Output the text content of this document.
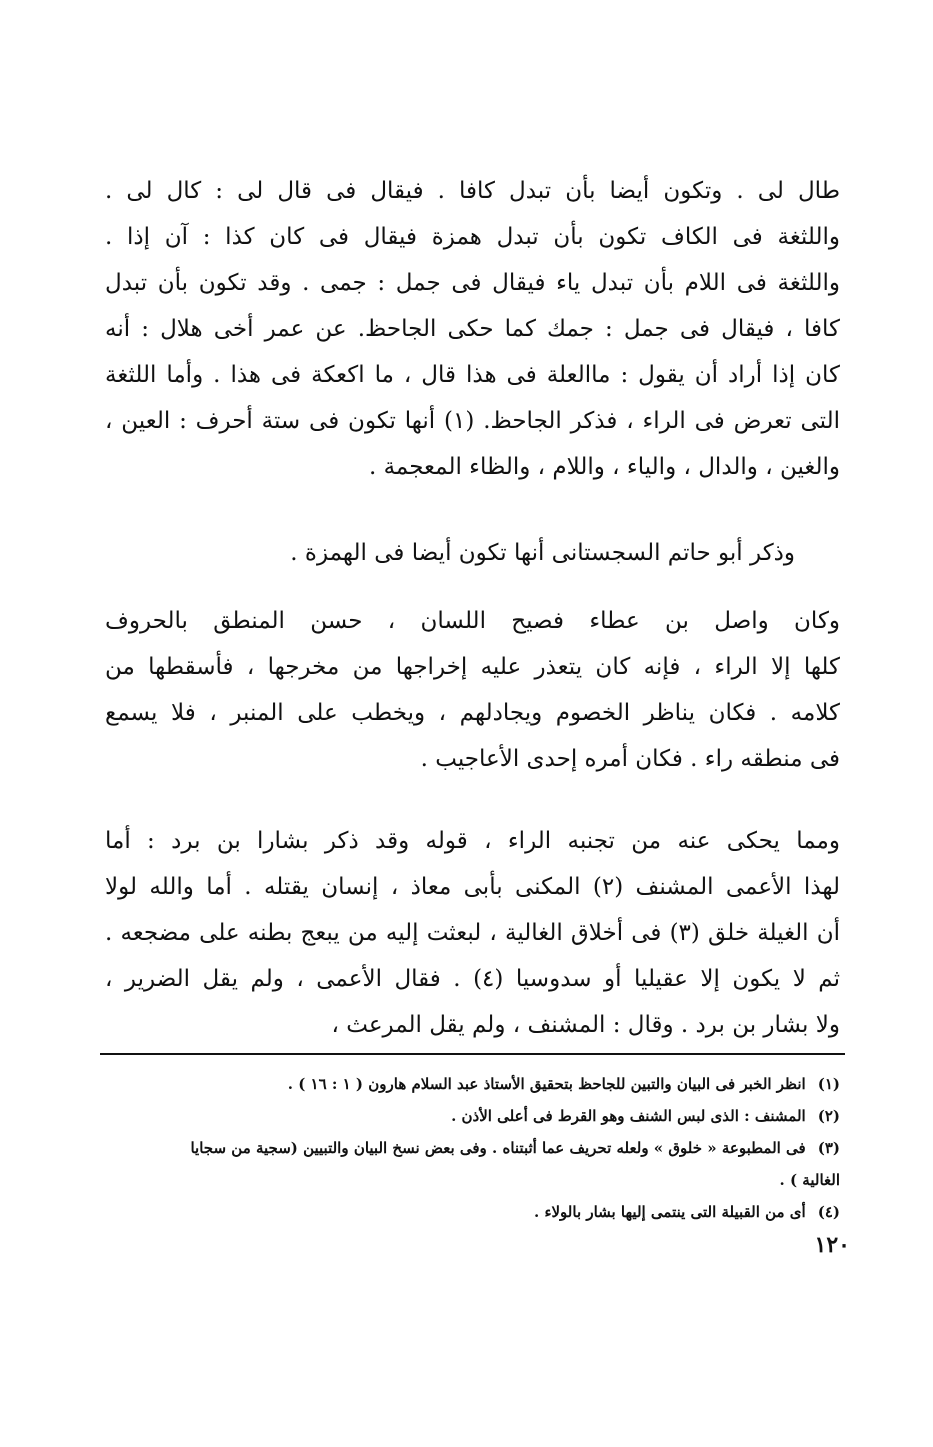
طال لى . وتكون أيضا بأن تبدل كافا . فيقال فى قال لى : كال لى .
واللثغة فى الكاف تكون بأن تبدل همزة فيقال فى كان كذا : آن إذا .
واللثغة فى اللام بأن تبدل ياء فيقال فى جمل : جمى . وقد تكون بأن تبدل
كافا ، فيقال فى جمل : جمك كما حكى الجاحظ. عن عمر أخى هلال : أنه
كان إذا أراد أن يقول : ماالعلة فى هذا قال ، ما اكعكة فى هذا . وأما اللثغة
التى تعرض فى الراء ، فذكر الجاحظ. (١) أنها تكون فى ستة أحرف : العين ،
والغين ، والدال ، والياء ، واللام ، والظاء المعجمة .
وذكر أبو حاتم السجستانى أنها تكون أيضا فى الهمزة .
وكان واصل بن عطاء فصيح اللسان ، حسن المنطق بالحروف
كلها إلا الراء ، فإنه كان يتعذر عليه إخراجها من مخرجها ، فأسقطها من
كلامه . فكان يناظر الخصوم ويجادلهم ، ويخطب على المنبر ، فلا يسمع
فى منطقه راء . فكان أمره إحدى الأعاجيب .
ومما يحكى عنه من تجنبه الراء ، قوله وقد ذكر بشارا بن برد : أما
لهذا الأعمى المشنف (٢) المكنى بأبى معاذ ، إنسان يقتله . أما والله لولا
أن الغيلة خلق (٣) فى أخلاق الغالية ، لبعثت إليه من يبعج بطنه على مضجعه .
ثم لا يكون إلا عقيليا أو سدوسيا (٤) . فقال الأعمى ، ولم يقل الضرير ،
ولا بشار بن برد . وقال : المشنف ، ولم يقل المرعث ،
(١)انظر الخبر فى البيان والتبين للجاحظ بتحقيق الأستاذ عبد السلام هارون ( ١ : ١٦ ) .
(٢)المشنف : الذى لبس الشنف وهو القرط فى أعلى الأذن .
(٣)فى المطبوعة « خلوق » ولعله تحريف عما أثبتناه . وفى بعض نسخ البيان والتبيين (سجية من سجايا
الغالية ) .
(٤)أى من القبيلة التى ينتمى إليها بشار بالولاء .
١٢٠
